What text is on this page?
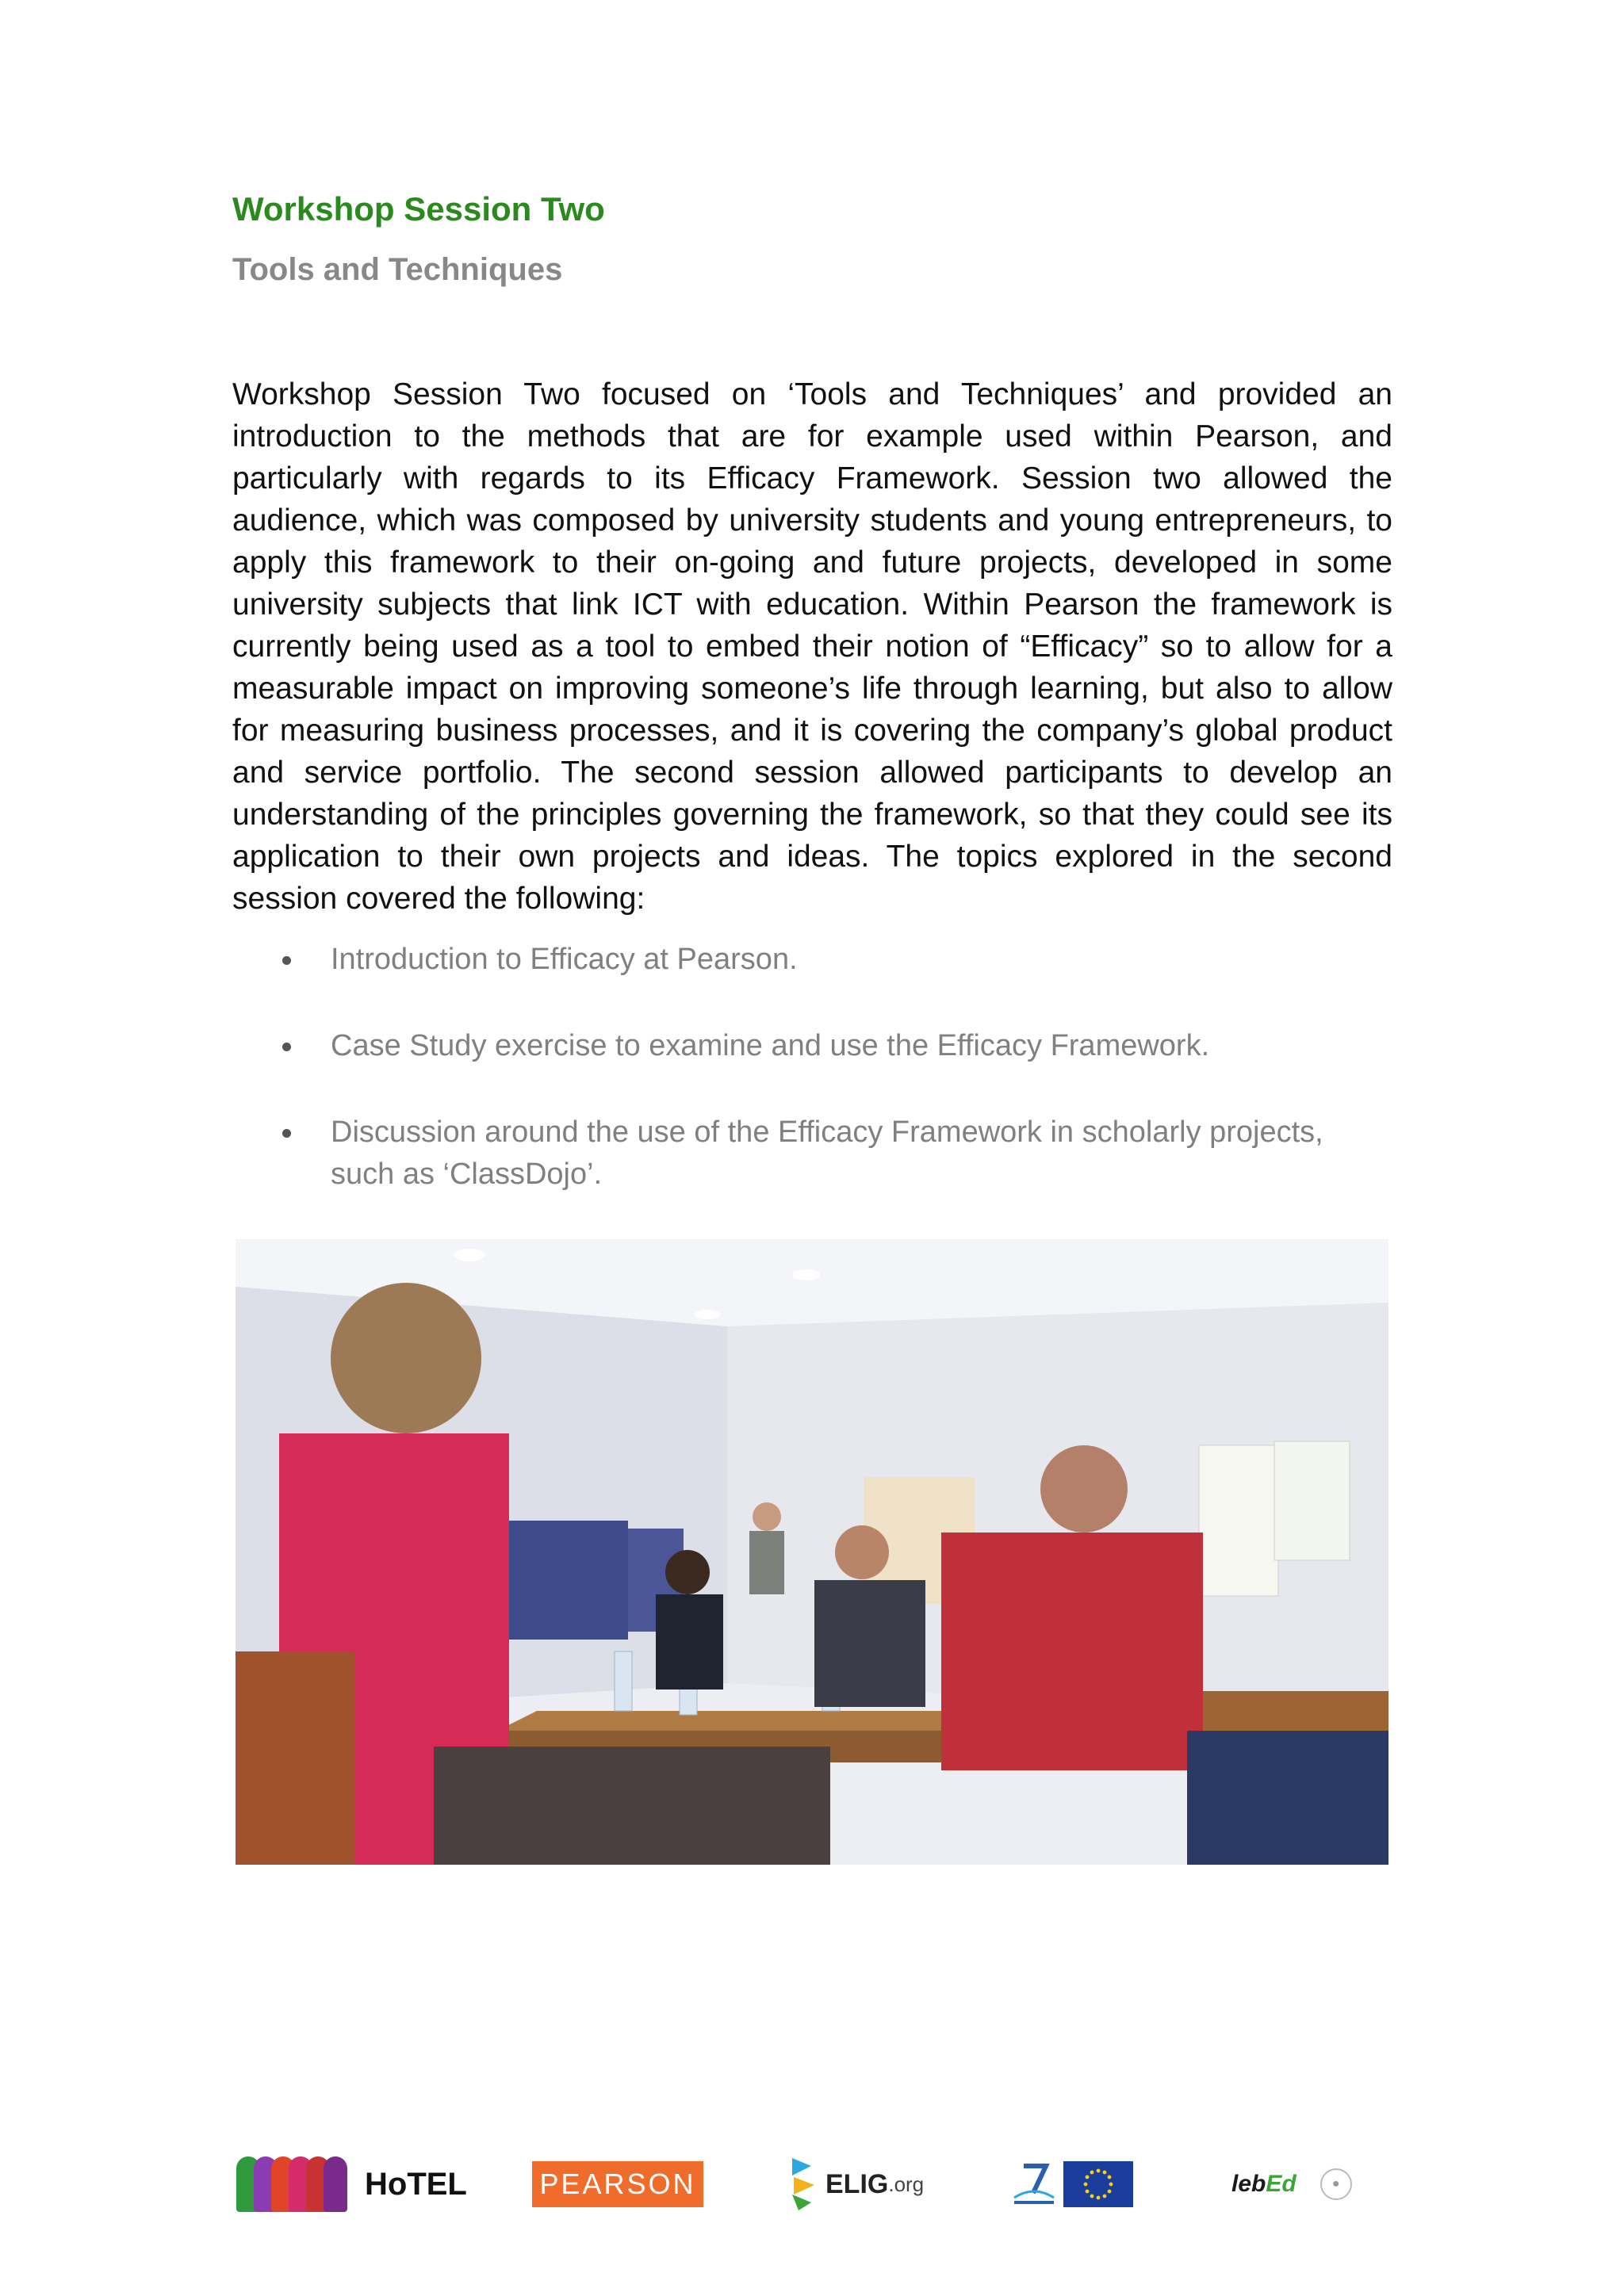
Workshop Session Two
Tools and Techniques

Workshop Session Two focused on ‘Tools and Techniques’ and provided an introduction to the methods that are for example used within Pearson, and particularly with regards to its Efficacy Framework. Session two allowed the audience, which was composed by university students and young entrepreneurs, to apply this framework to their on-going and future projects, developed in some university subjects that link ICT with education. Within Pearson the framework is currently being used as a tool to embed their notion of “Efficacy” so to allow for a measurable impact on improving someone’s life through learning, but also to allow for measuring business processes, and it is covering the company’s global product and service portfolio. The second session allowed participants to develop an understanding of the principles governing the framework, so that they could see its application to their own projects and ideas. The topics explored in the second session covered the following:

Introduction to Efficacy at Pearson.
Case Study exercise to examine and use the Efficacy Framework.
Discussion around the use of the Efficacy Framework in scholarly projects, such as ‘ClassDojo’.
HoTEL	PEARSON	ELIG .org	lebEd	●
